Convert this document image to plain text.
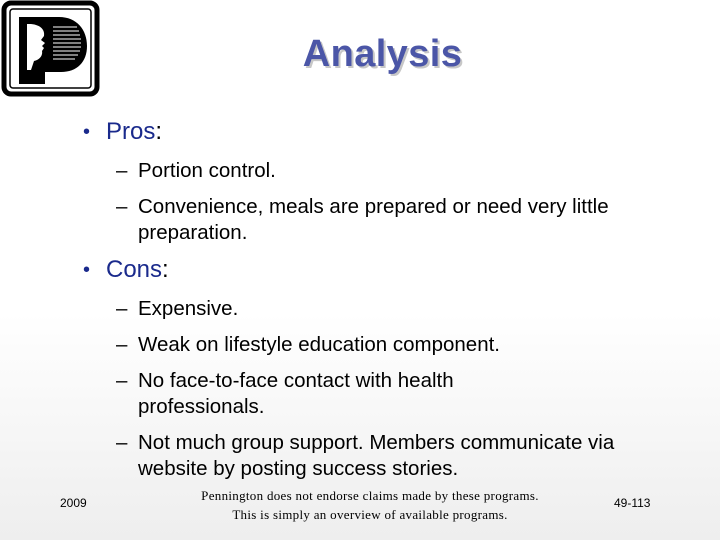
Analysis
• Pros:
– Portion control.
– Convenience, meals are prepared or need very little preparation.
• Cons:
– Expensive.
– Weak on lifestyle education component.
– No face-to-face contact with health professionals.
– Not much group support. Members communicate via website by posting success stories.
2009	Pennington does not endorse claims made by these programs.
This is simply an overview of available programs.
49-113
